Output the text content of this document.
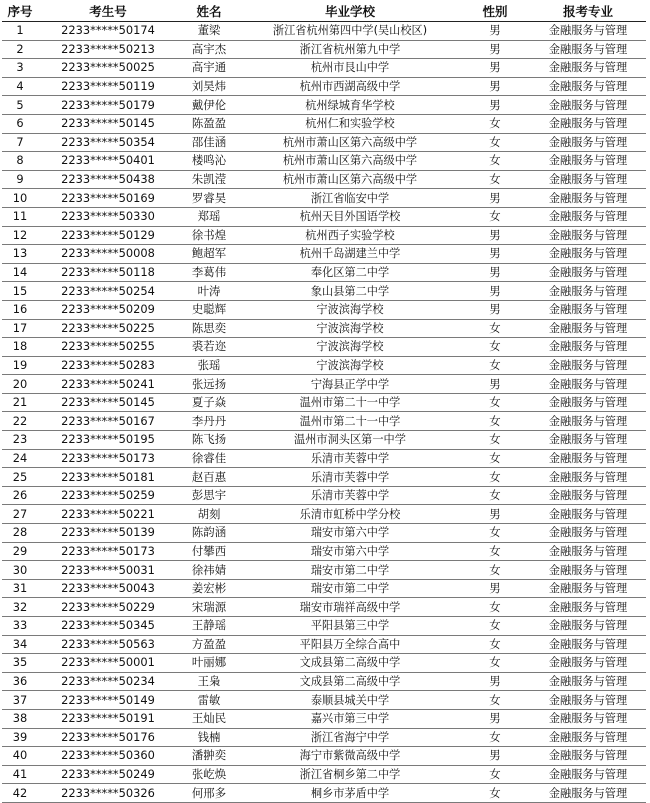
序号	考生号	姓名	毕业学校	性别	报考专业
1	2233*****50174	董梁	浙江省杭州第四中学(吴山校区)	男	金融服务与管理
2	2233*****50213	高宇杰	浙江省杭州第九中学	男	金融服务与管理
3	2233*****50025	高宇通	杭州市艮山中学	男	金融服务与管理
4	2233*****50119	刘昊炜	杭州市西湖高级中学	男	金融服务与管理
5	2233*****50179	戴伊伦	杭州绿城育华学校	男	金融服务与管理
6	2233*****50145	陈盈盈	杭州仁和实验学校	女	金融服务与管理
7	2233*****50354	邵佳涵	杭州市萧山区第六高级中学	女	金融服务与管理
8	2233*****50401	楼鸣沁	杭州市萧山区第六高级中学	女	金融服务与管理
9	2233*****50438	朱凯滢	杭州市萧山区第六高级中学	女	金融服务与管理
10	2233*****50169	罗睿昊	浙江省临安中学	男	金融服务与管理
11	2233*****50330	郑瑶	杭州天目外国语学校	女	金融服务与管理
12	2233*****50129	徐书煌	杭州西子实验学校	男	金融服务与管理
13	2233*****50008	鲍超军	杭州千岛湖建兰中学	男	金融服务与管理
14	2233*****50118	李葛伟	奉化区第二中学	男	金融服务与管理
15	2233*****50254	叶涛	象山县第二中学	男	金融服务与管理
16	2233*****50209	史聪辉	宁波滨海学校	男	金融服务与管理
17	2233*****50225	陈思奕	宁波滨海学校	女	金融服务与管理
18	2233*****50255	裘若迩	宁波滨海学校	女	金融服务与管理
19	2233*****50283	张瑶	宁波滨海学校	女	金融服务与管理
20	2233*****50241	张远扬	宁海县正学中学	男	金融服务与管理
21	2233*****50145	夏子焱	温州市第二十一中学	女	金融服务与管理
22	2233*****50167	李丹丹	温州市第二十一中学	女	金融服务与管理
23	2233*****50195	陈飞扬	温州市洞头区第一中学	女	金融服务与管理
24	2233*****50173	徐睿佳	乐清市芙蓉中学	女	金融服务与管理
25	2233*****50181	赵百惠	乐清市芙蓉中学	女	金融服务与管理
26	2233*****50259	彭思宇	乐清市芙蓉中学	女	金融服务与管理
27	2233*****50221	胡刻	乐清市虹桥中学分校	男	金融服务与管理
28	2233*****50139	陈韵涵	瑞安市第六中学	女	金融服务与管理
29	2233*****50173	付攀西	瑞安市第六中学	女	金融服务与管理
30	2233*****50031	徐祎婧	瑞安市第二中学	女	金融服务与管理
31	2233*****50043	姜宏彬	瑞安市第二中学	男	金融服务与管理
32	2233*****50229	宋瑞源	瑞安市瑞祥高级中学	女	金融服务与管理
33	2233*****50345	王静瑶	平阳县第三中学	女	金融服务与管理
34	2233*****50563	方盈盈	平阳县万全综合高中	女	金融服务与管理
35	2233*****50001	叶丽娜	文成县第二高级中学	女	金融服务与管理
36	2233*****50234	王枭	文成县第二高级中学	男	金融服务与管理
37	2233*****50149	雷敏	泰顺县城关中学	女	金融服务与管理
38	2233*****50191	王灿民	嘉兴市第三中学	男	金融服务与管理
39	2233*****50176	钱楠	浙江省海宁中学	女	金融服务与管理
40	2233*****50360	潘翀奕	海宁市紫微高级中学	男	金融服务与管理
41	2233*****50249	张屹焕	浙江省桐乡第二中学	女	金融服务与管理
42	2233*****50326	何邢多	桐乡市茅盾中学	女	金融服务与管理
